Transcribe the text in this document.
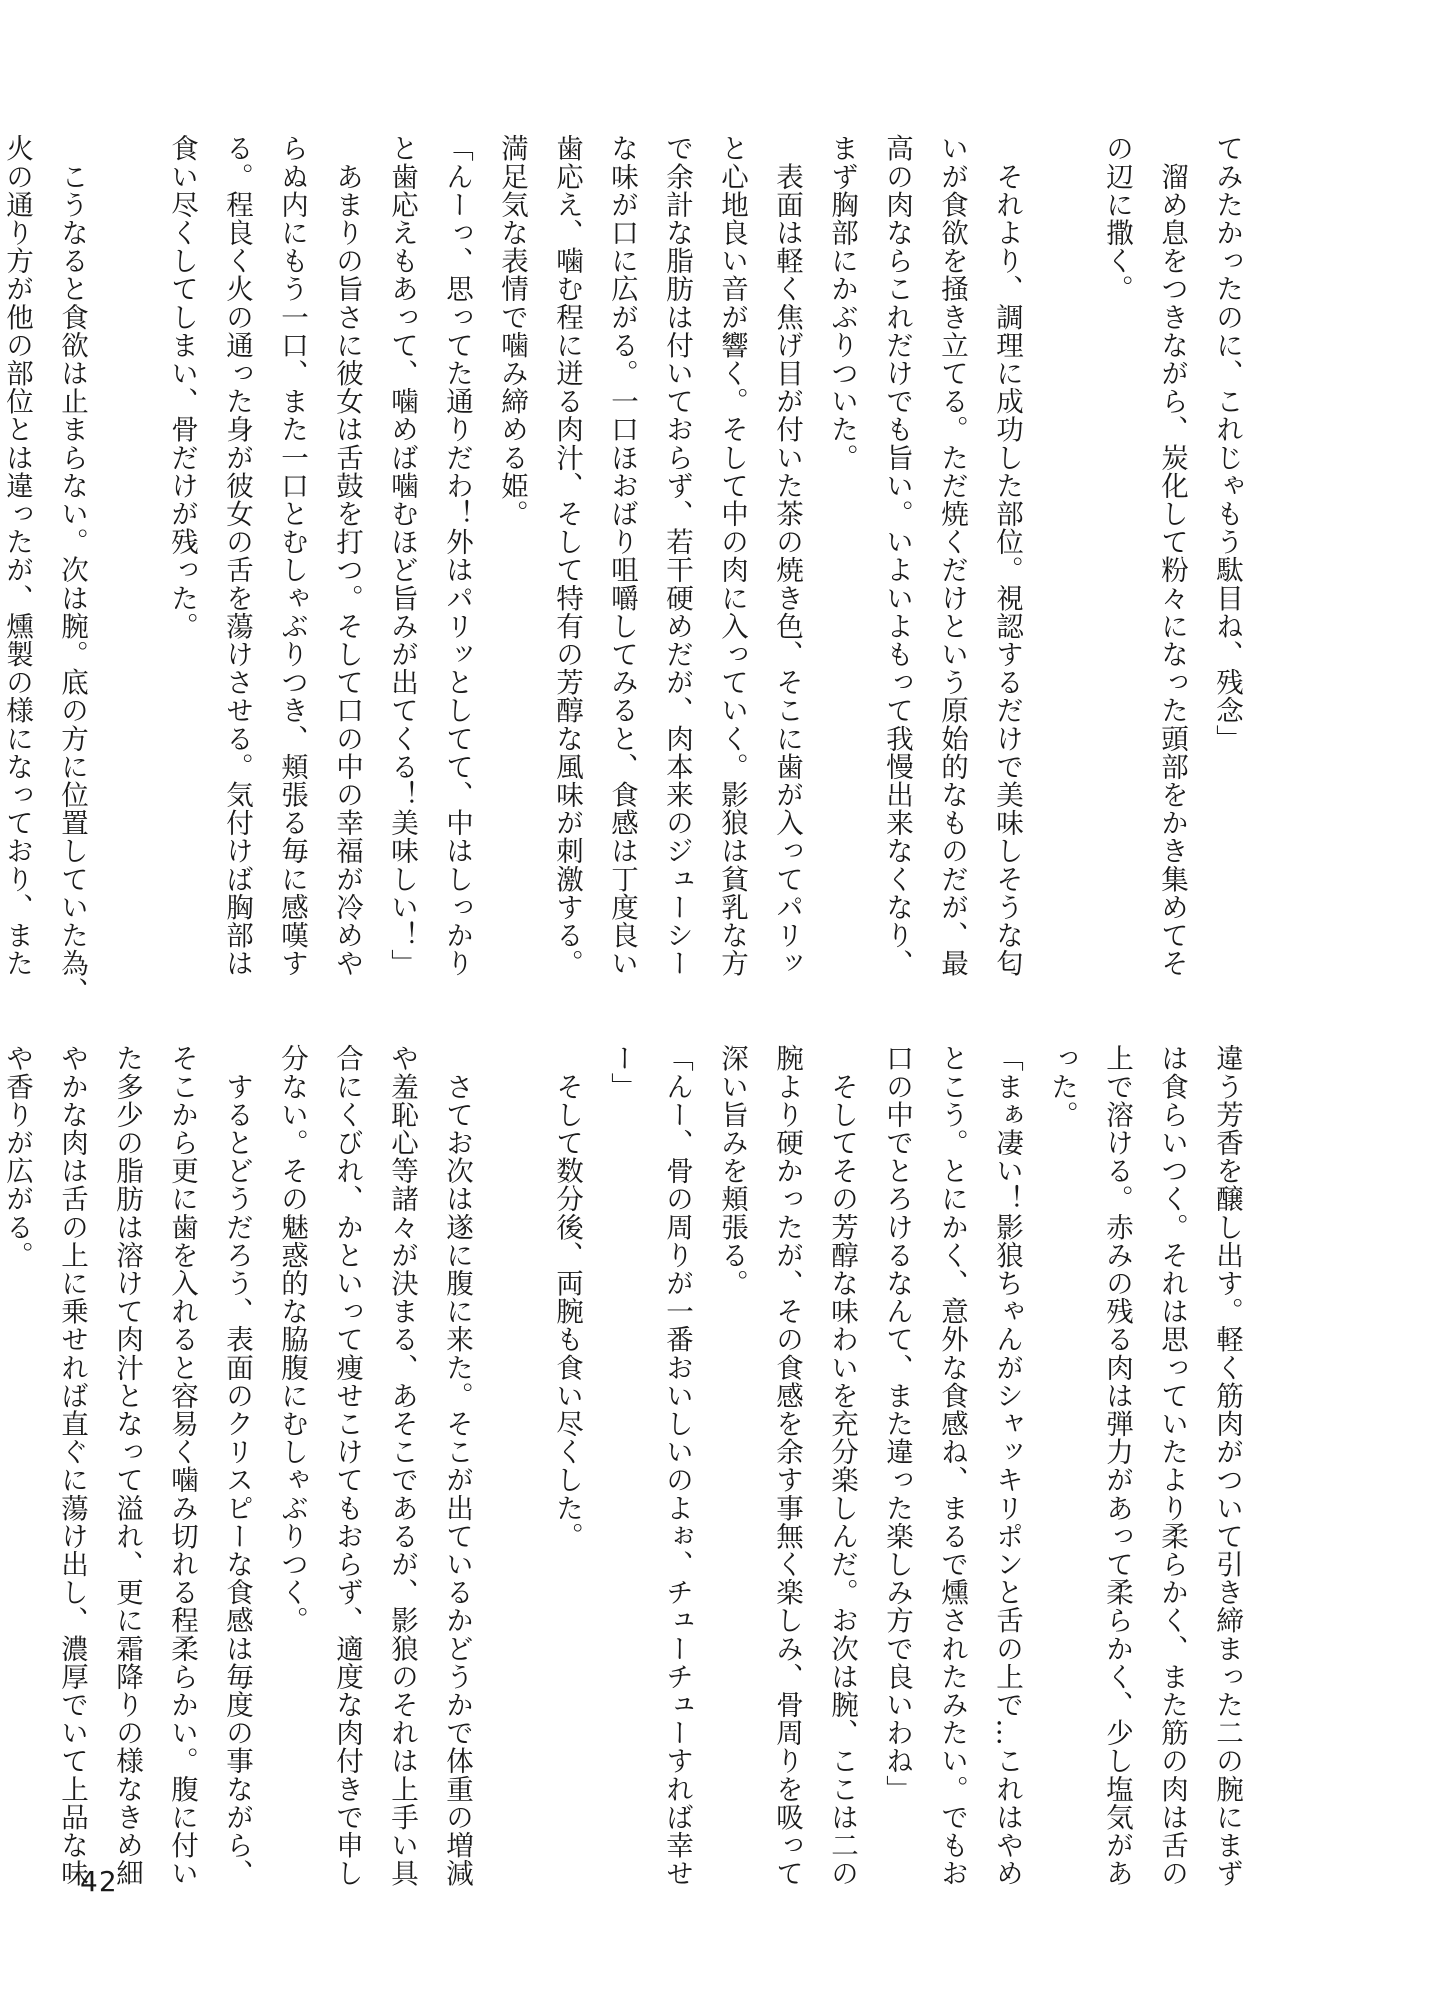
てみたかったのに、これじゃもう駄目ね、残念」

　溜め息をつきながら、炭化して粉々になった頭部をかき集めてそ

の辺に撒く。

　それより、調理に成功した部位。視認するだけで美味しそうな匂

いが食欲を掻き立てる。ただ焼くだけという原始的なものだが、最

高の肉ならこれだけでも旨い。いよいよもって我慢出来なくなり、

まず胸部にかぶりついた。

　表面は軽く焦げ目が付いた茶の焼き色、そこに歯が入ってパリッ

と心地良い音が響く。そして中の肉に入っていく。影狼は貧乳な方

で余計な脂肪は付いておらず、若干硬めだが、肉本来のジューシー

な味が口に広がる。一口ほおばり咀嚼してみると、食感は丁度良い

歯応え、噛む程に迸る肉汁、そして特有の芳醇な風味が刺激する。

満足気な表情で噛み締める姫。

「んーっ、思ってた通りだわ！外はパリッとしてて、中はしっかり

と歯応えもあって、噛めば噛むほど旨みが出てくる！美味しい！」

　あまりの旨さに彼女は舌鼓を打つ。そして口の中の幸福が冷めや

らぬ内にもう一口、また一口とむしゃぶりつき、頬張る毎に感嘆す

る。程良く火の通った身が彼女の舌を蕩けさせる。気付けば胸部は

食い尽くしてしまい、骨だけが残った。

　こうなると食欲は止まらない。次は腕。底の方に位置していた為、

火の通り方が他の部位とは違ったが、燻製の様になっており、また

違う芳香を醸し出す。軽く筋肉がついて引き締まった二の腕にまず

は食らいつく。それは思っていたより柔らかく、また筋の肉は舌の

上で溶ける。赤みの残る肉は弾力があって柔らかく、少し塩気があ

った。

「まぁ凄い！影狼ちゃんがシャッキリポンと舌の上で…これはやめ

とこう。とにかく、意外な食感ね、まるで燻されたみたい。でもお

口の中でとろけるなんて、また違った楽しみ方で良いわね」

　そしてその芳醇な味わいを充分楽しんだ。お次は腕、ここは二の

腕より硬かったが、その食感を余す事無く楽しみ、骨周りを吸って

深い旨みを頬張る。

「んー、骨の周りが一番おいしいのよぉ、チューチューすれば幸せ

ー」

　そして数分後、両腕も食い尽くした。

　さてお次は遂に腹に来た。そこが出ているかどうかで体重の増減

や羞恥心等諸々が決まる、あそこであるが、影狼のそれは上手い具

合にくびれ、かといって痩せこけてもおらず、適度な肉付きで申し

分ない。その魅惑的な脇腹にむしゃぶりつく。

　するとどうだろう、表面のクリスピーな食感は毎度の事ながら、

そこから更に歯を入れると容易く噛み切れる程柔らかい。腹に付い

た多少の脂肪は溶けて肉汁となって溢れ、更に霜降りの様なきめ細

やかな肉は舌の上に乗せれば直ぐに蕩け出し、濃厚でいて上品な味

や香りが広がる。

42
